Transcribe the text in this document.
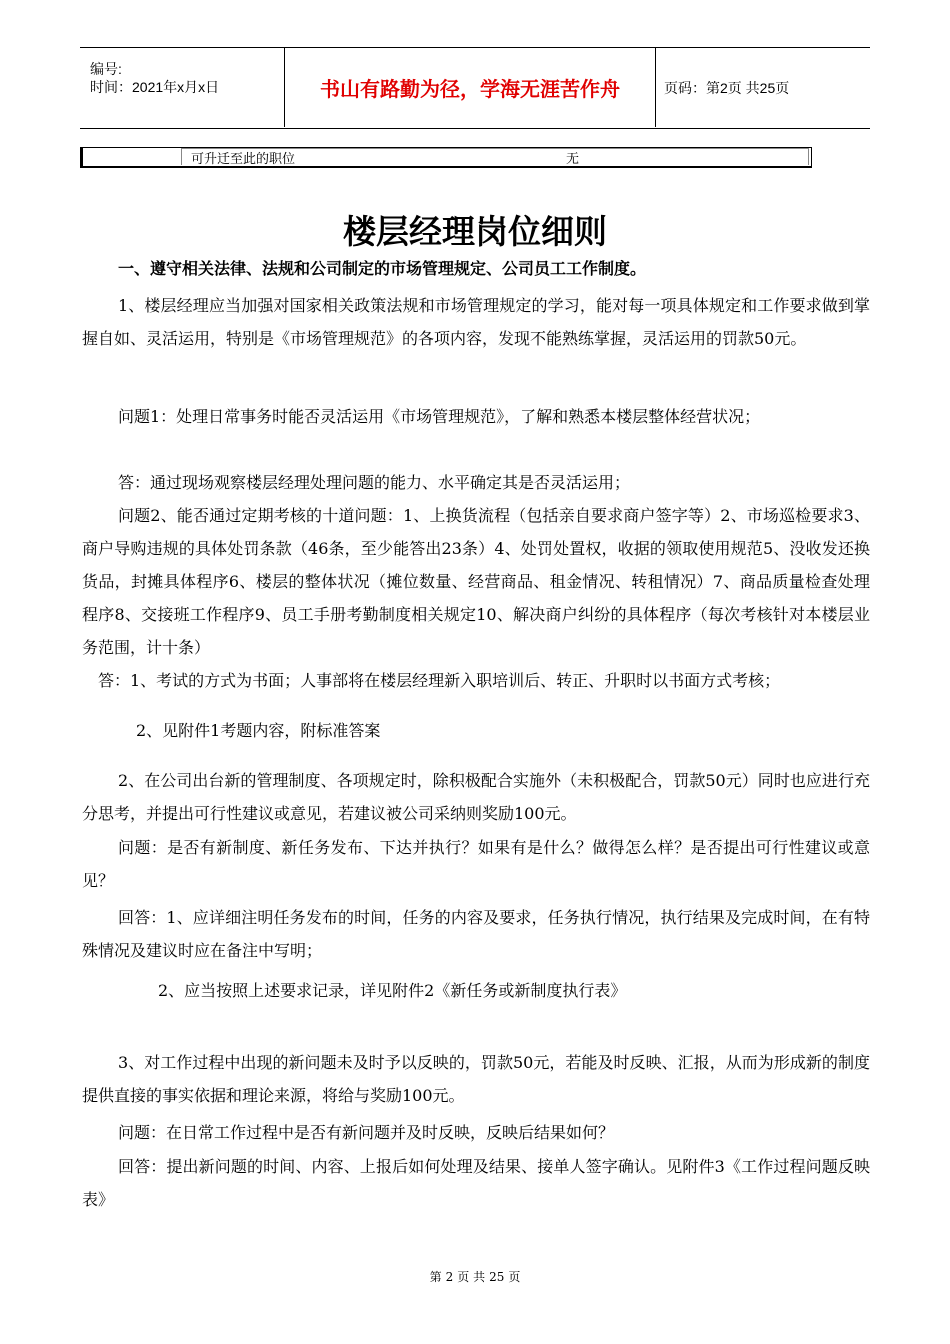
编号:
时间：2021年x月x日	书山有路勤为径，学海无涯苦作舟	页码：第2页 共25页
可升迁至此的职位	无
楼层经理岗位细则
一、遵守相关法律、法规和公司制定的市场管理规定、公司员工工作制度。
1、楼层经理应当加强对国家相关政策法规和市场管理规定的学习，能对每一项具体规定和工作要求做到掌握自如、灵活运用，特别是《市场管理规范》的各项内容，发现不能熟练掌握，灵活运用的罚款50元。
问题1：处理日常事务时能否灵活运用《市场管理规范》，了解和熟悉本楼层整体经营状况；
答：通过现场观察楼层经理处理问题的能力、水平确定其是否灵活运用；
问题2、能否通过定期考核的十道问题：1、上换货流程（包括亲自要求商户签字等）2、市场巡检要求3、商户导购违规的具体处罚条款（46条，至少能答出23条）4、处罚处置权，收据的领取使用规范5、没收发还换货品，封摊具体程序6、楼层的整体状况（摊位数量、经营商品、租金情况、转租情况）7、商品质量检查处理程序8、交接班工作程序9、员工手册考勤制度相关规定10、解决商户纠纷的具体程序（每次考核针对本楼层业务范围，计十条）
答：1、考试的方式为书面；人事部将在楼层经理新入职培训后、转正、升职时以书面方式考核；
2、见附件1考题内容，附标准答案
2、在公司出台新的管理制度、各项规定时，除积极配合实施外（未积极配合，罚款50元）同时也应进行充分思考，并提出可行性建议或意见，若建议被公司采纳则奖励100元。
问题：是否有新制度、新任务发布、下达并执行？如果有是什么？做得怎么样？是否提出可行性建议或意见？
回答：1、应详细注明任务发布的时间，任务的内容及要求，任务执行情况，执行结果及完成时间，在有特殊情况及建议时应在备注中写明；
2、应当按照上述要求记录，详见附件2《新任务或新制度执行表》
3、对工作过程中出现的新问题未及时予以反映的，罚款50元，若能及时反映、汇报，从而为形成新的制度提供直接的事实依据和理论来源，将给与奖励100元。
问题：在日常工作过程中是否有新问题并及时反映，反映后结果如何？
回答：提出新问题的时间、内容、上报后如何处理及结果、接单人签字确认。见附件3《工作过程问题反映表》
第 2 页 共 25 页
